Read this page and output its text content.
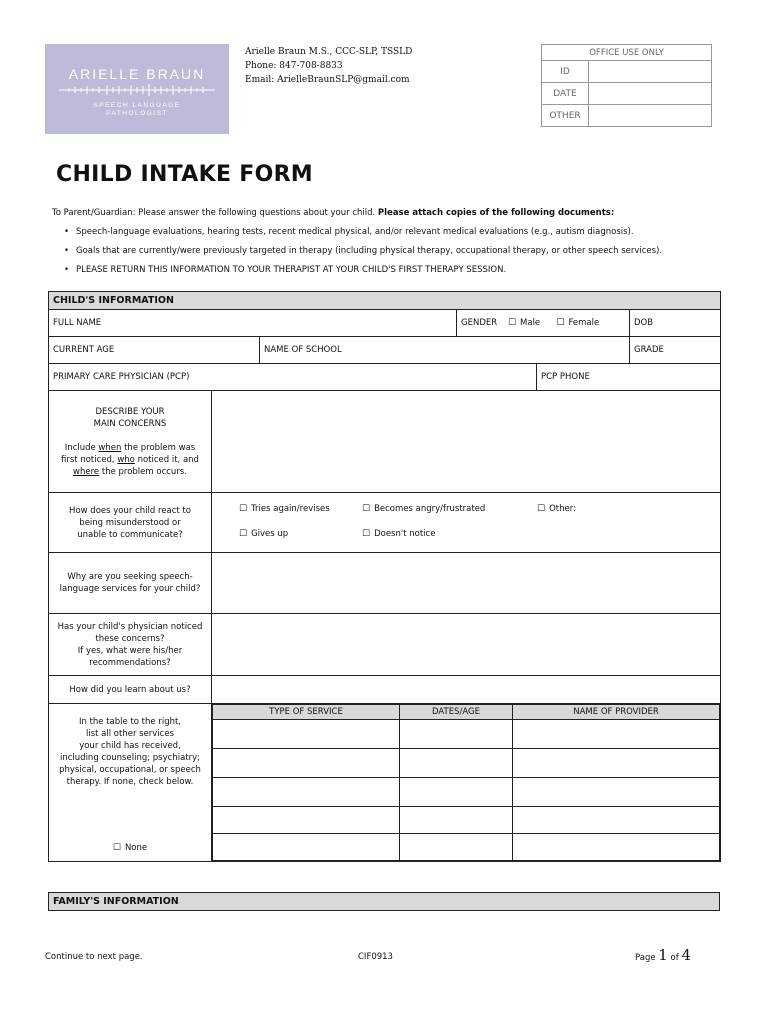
ARIELLE BRAUN
SPEECH LANGUAGE
PATHOLOGIST
Arielle Braun M.S., CCC-SLP, TSSLD
Phone: 847-708-8833
Email: ArielleBraunSLP@gmail.com
OFFICE USE ONLY	
ID	
DATE	
OTHER	
CHILD INTAKE FORM
To Parent/Guardian: Please answer the following questions about your child. Please attach copies of the following documents:
• Speech-language evaluations, hearing tests, recent medical physical, and/or relevant medical evaluations (e.g., autism diagnosis).
• Goals that are currently/were previously targeted in therapy (including physical therapy, occupational therapy, or other speech services).
• PLEASE RETURN THIS INFORMATION TO YOUR THERAPIST AT YOUR CHILD'S FIRST THERAPY SESSION.
CHILD'S INFORMATION
FULL NAME	GENDER	☐ Male	☐ Female	DOB
CURRENT AGE	NAME OF SCHOOL	GRADE
PRIMARY CARE PHYSICIAN (PCP)	PCP PHONE

DESCRIBE YOUR
MAIN CONCERNS
Include when the problem was
first noticed, who noticed it, and
where the problem occurs.

How does your child react to
being misunderstood or
unable to communicate?

☐ Tries again/revises	☐ Becomes angry/frustrated	☐ Other:
☐ Gives up	☐ Doesn't notice

Why are you seeking speech-
language services for your child?

Has your child's physician noticed
these concerns?
If yes, what were his/her
recommendations?

How did you learn about us?	

In the table to the right,
list all other services
your child has received,
including counseling; psychiatry;
physical, occupational, or speech
therapy. If none, check below.
☐ None

TYPE OF SERVICE	DATES/AGE	NAME OF PROVIDER

FAMILY'S INFORMATION
Continue to next page.	CIF0913	Page 1 of 4
